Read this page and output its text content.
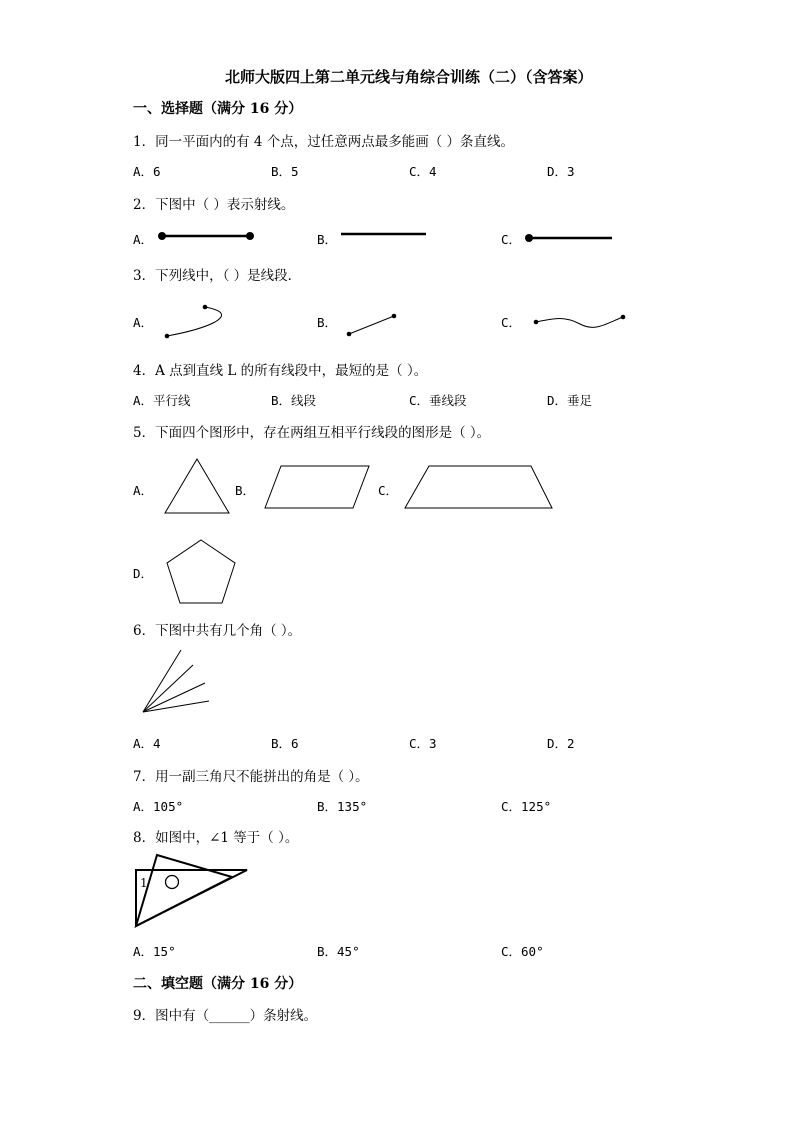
北师大版四上第二单元线与角综合训练（二）（含答案）
一、选择题（满分 16 分）
1．同一平面内的有 4 个点，过任意两点最多能画（ ）条直线。
A．6	B．5	C．4	D．3
2．下图中（ ）表示射线。
A．	B．	C．
3．下列线中，（ ）是线段．
A．	B．	C．
4．A 点到直线 L 的所有线段中，最短的是（ ）。
A．平行线	B．线段	C．垂线段	D．垂足
5．下面四个图形中，存在两组互相平行线段的图形是（ ）。
A．	B．	C．
D．
6．下图中共有几个角（ ）。
A．4	B．6	C．3	D．2
7．用一副三角尺不能拼出的角是（ ）。
A．105°	B．135°	C．125°
8．如图中，∠1 等于（ ）。
1
A．15°	B．45°	C．60°
二、填空题（满分 16 分）
9．图中有（______）条射线。
